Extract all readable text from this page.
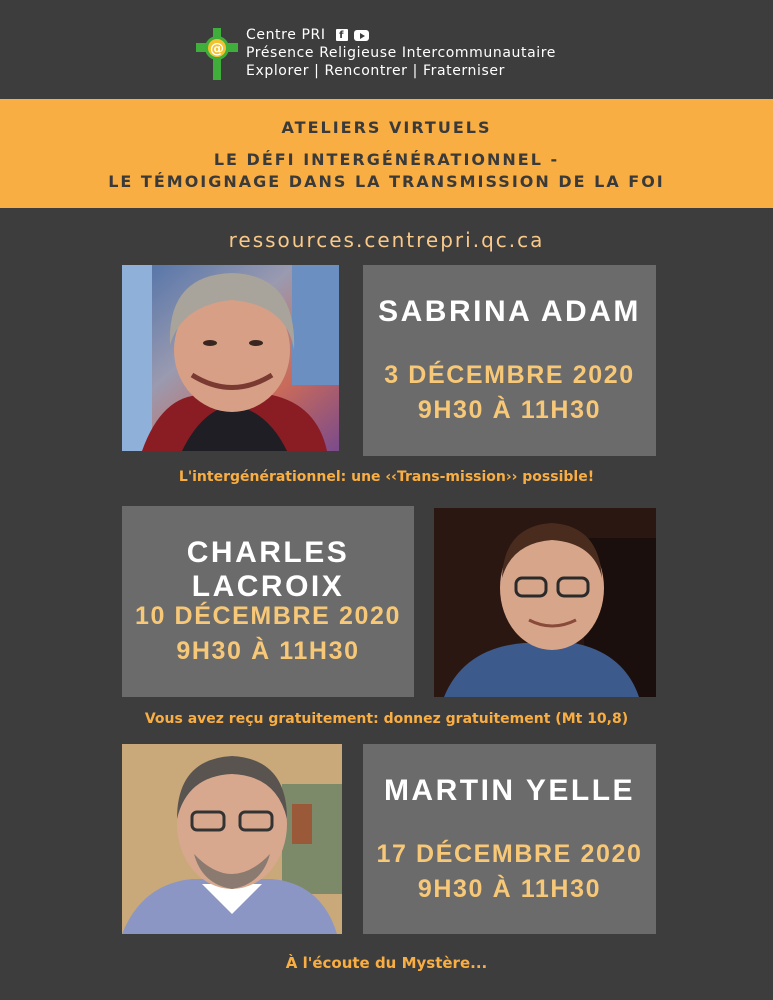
@
Centre PRI	f
Présence Religieuse Intercommunautaire
Explorer | Rencontrer | Fraterniser
ATELIERS VIRTUELS
LE DÉFI INTERGÉNÉRATIONNEL -
LE TÉMOIGNAGE DANS LA TRANSMISSION DE LA FOI
ressources.centrepri.qc.ca
SABRINA ADAM
3 DÉCEMBRE 2020
9H30 À 11H30
L'intergénérationnel: une ‹‹Trans-mission›› possible!
CHARLES LACROIX
10 DÉCEMBRE 2020
9H30 À 11H30
Vous avez reçu gratuitement: donnez gratuitement (Mt 10,8)
MARTIN YELLE
17 DÉCEMBRE 2020
9H30 À 11H30
À l'écoute du Mystère...
